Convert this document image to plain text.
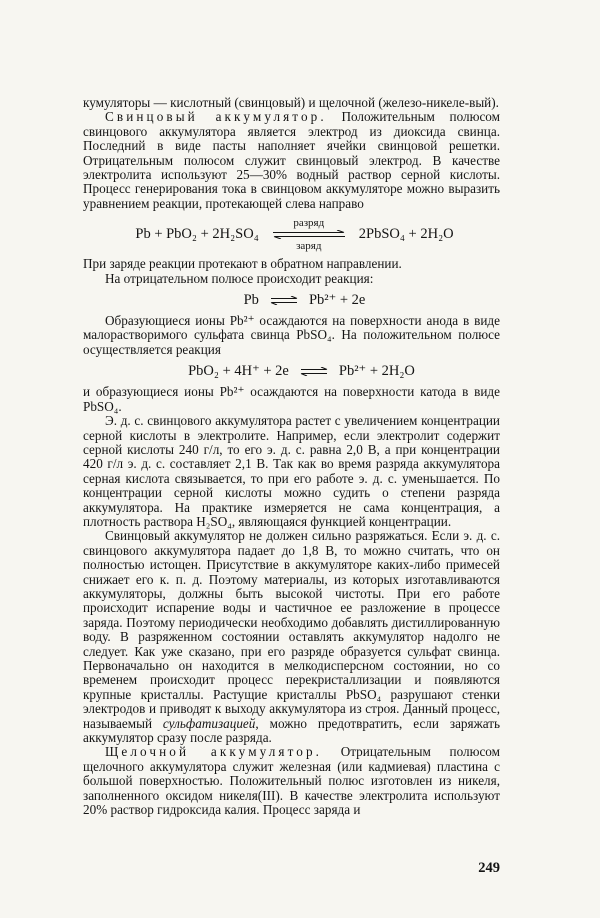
кумуляторы — кислотный (свинцовый) и щелочной (железо-никеле-вый).

Свинцовый аккумулятор. Положительным полюсом свинцового аккумулятора является электрод из диоксида свинца. Последний в виде пасты наполняет ячейки свинцовой решетки. Отрицательным полюсом служит свинцовый электрод. В качестве электролита используют 25—30% водный раствор серной кислоты. Процесс генерирования тока в свинцовом аккумуляторе можно выразить уравнением реакции, протекающей слева направо

Pb + PbO₂ + 2H₂SO₄
разряд
заряд
2PbSO₄ + 2H₂O

При заряде реакции протекают в обратном направлении.

На отрицательном полюсе происходит реакция:

Pb ⇌ Pb²⁺ + 2e

Образующиеся ионы Pb²⁺ осаждаются на поверхности анода в виде малорастворимого сульфата свинца PbSO₄. На положительном полюсе осуществляется реакция

PbO₂ + 4H⁺ + 2e ⇌ Pb²⁺ + 2H₂O

и образующиеся ионы Pb²⁺ осаждаются на поверхности катода в виде PbSO₄.

Э. д. с. свинцового аккумулятора растет с увеличением концентрации серной кислоты в электролите. Например, если электролит содержит серной кислоты 240 г/л, то его э. д. с. равна 2,0 В, а при концентрации 420 г/л э. д. с. составляет 2,1 В. Так как во время разряда аккумулятора серная кислота связывается, то при его работе э. д. с. уменьшается. По концентрации серной кислоты можно судить о степени разряда аккумулятора. На практике измеряется не сама концентрация, а плотность раствора H₂SO₄, являющаяся функцией концентрации.

Свинцовый аккумулятор не должен сильно разряжаться. Если э. д. с. свинцового аккумулятора падает до 1,8 В, то можно считать, что он полностью истощен. Присутствие в аккумуляторе каких-либо примесей снижает его к. п. д. Поэтому материалы, из которых изготавливаются аккумуляторы, должны быть высокой чистоты. При его работе происходит испарение воды и частичное ее разложение в процессе заряда. Поэтому периодически необходимо добавлять дистиллированную воду. В разряженном состоянии оставлять аккумулятор надолго не следует. Как уже сказано, при его разряде образуется сульфат свинца. Первоначально он находится в мелкодисперсном состоянии, но со временем происходит процесс перекристаллизации и появляются крупные кристаллы. Растущие кристаллы PbSO₄ разрушают стенки электродов и приводят к выходу аккумулятора из строя. Данный процесс, называемый сульфатизацией, можно предотвратить, если заряжать аккумулятор сразу после разряда.

Щелочной аккумулятор. Отрицательным полюсом щелочного аккумулятора служит железная (или кадмиевая) пластина с большой поверхностью. Положительный полюс изготовлен из никеля, заполненного оксидом никеля(III). В качестве электролита используют 20% раствор гидроксида калия. Процесс заряда и

249
